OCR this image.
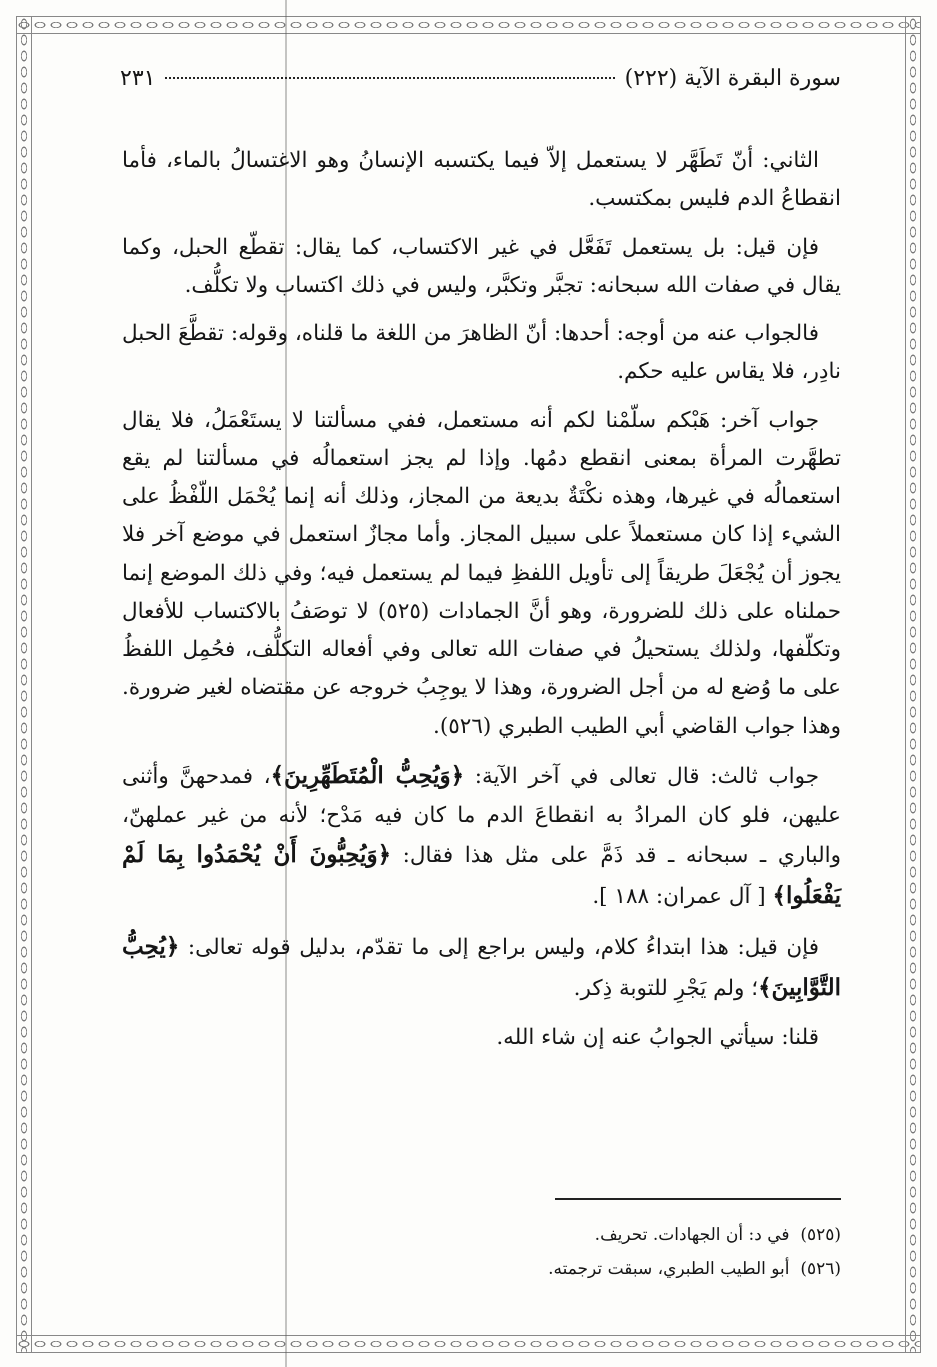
سورة البقرة الآية (٢٢٢)
٢٣١

الثاني: أنّ تَطَهَّر لا يستعمل إلاّ فيما يكتسبه الإنسانُ وهو الاغتسالُ بالماء، فأما انقطاعُ الدم فليس بمكتسب.

فإن قيل: بل يستعمل تَفَعَّل في غير الاكتساب، كما يقال: تقطّع الحبل، وكما يقال في صفات الله سبحانه: تجبَّر وتكبَّر، وليس في ذلك اكتساب ولا تكلُّف.

فالجواب عنه من أوجه: أحدها: أنّ الظاهرَ من اللغة ما قلناه، وقوله: تقطَّعَ الحبل نادِر، فلا يقاس عليه حكم.

جواب آخر: هَبْكم سلّمْنا لكم أنه مستعمل، ففي مسألتنا لا يستَعْمَلُ، فلا يقال تطهَّرت المرأة بمعنى انقطع دمُها. وإذا لم يجز استعمالُه في مسألتنا لم يقع استعمالُه في غيرها، وهذه نكْتَةٌ بديعة من المجاز، وذلك أنه إنما يُحْمَل اللّفْظُ على الشيء إذا كان مستعملاً على سبيل المجاز. وأما مجازٌ استعمل في موضع آخر فلا يجوز أن يُجْعَلَ طريقاً إلى تأويل اللفظِ فيما لم يستعمل فيه؛ وفي ذلك الموضع إنما حملناه على ذلك للضرورة، وهو أنَّ الجمادات (٥٢٥) لا توصَفُ بالاكتساب للأفعال وتكلّفها، ولذلك يستحيلُ في صفات الله تعالى وفي أفعاله التكلُّف، فحُمِل اللفظُ على ما وُضع له من أجل الضرورة، وهذا لا يوجِبُ خروجه عن مقتضاه لغير ضرورة. وهذا جواب القاضي أبي الطيب الطبري (٥٢٦).

جواب ثالث: قال تعالى في آخر الآية: ﴿وَيُحِبُّ الْمُتَطَهِّرِينَ﴾، فمدحهنَّ وأثنى عليهن، فلو كان المرادُ به انقطاعَ الدم ما كان فيه مَدْح؛ لأنه من غير عملهنّ، والباري ـ سبحانه ـ قد ذَمَّ على مثل هذا فقال: ﴿وَيُحِبُّونَ أَنْ يُحْمَدُوا بِمَا لَمْ يَفْعَلُوا﴾ [ آل عمران: ١٨٨ ].

فإن قيل: هذا ابتداءُ كلام، وليس براجع إلى ما تقدّم، بدليل قوله تعالى: ﴿يُحِبُّ التَّوَّابِينَ﴾؛ ولم يَجْرِ للتوبة ذِكر.

قلنا: سيأتي الجوابُ عنه إن شاء الله.

(٥٢٥)  في د: أن الجهادات. تحريف.
(٥٢٦)  أبو الطيب الطبري، سبقت ترجمته.
